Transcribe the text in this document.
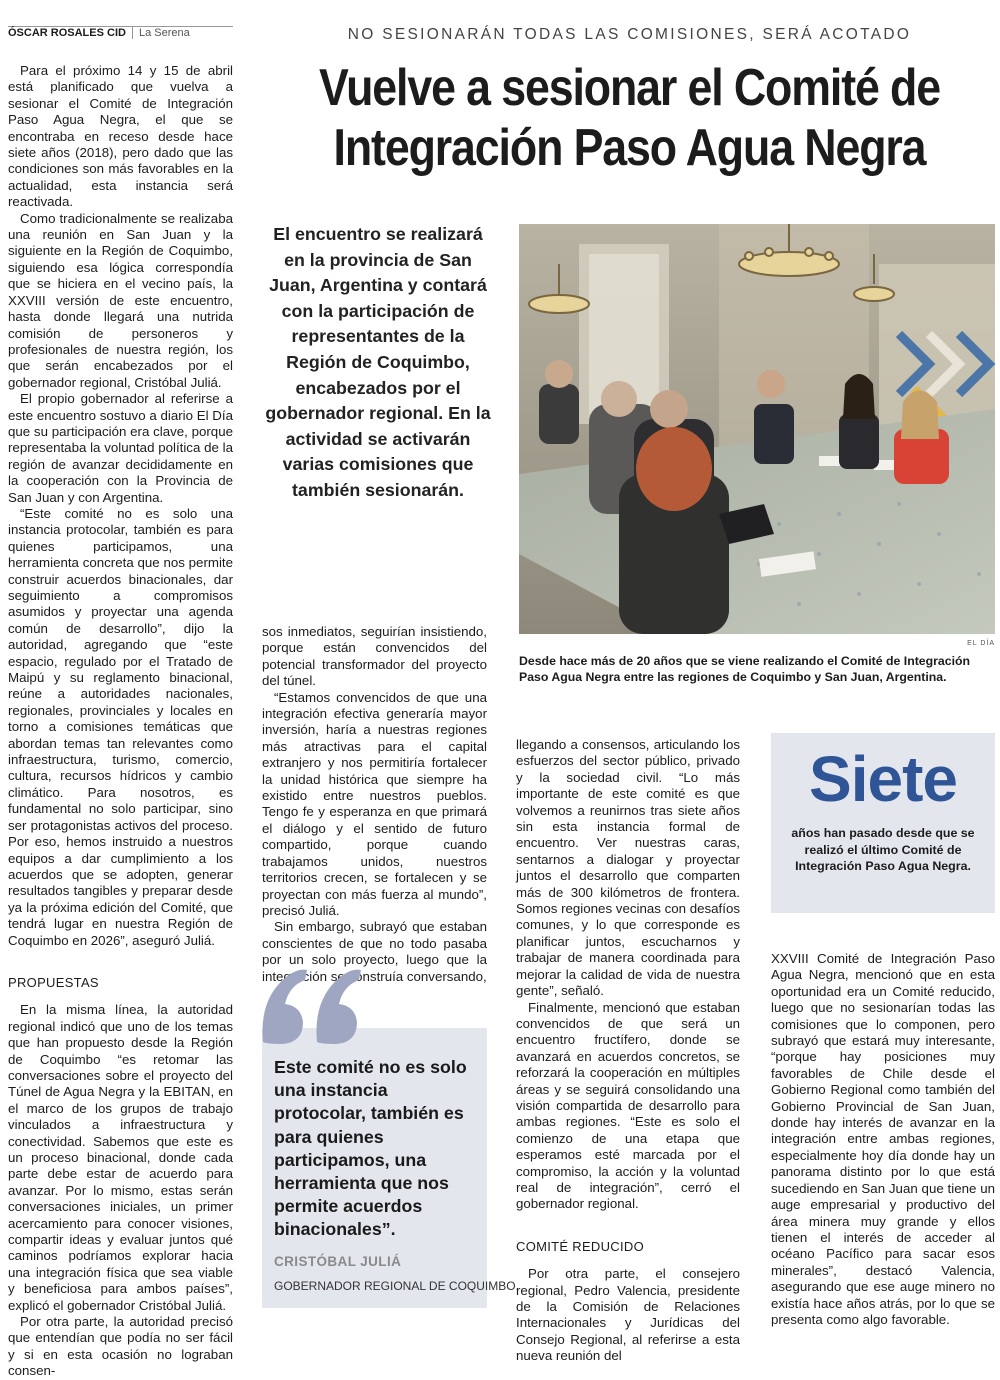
ÓSCAR ROSALES CID La Serena	NO SESIONARÁN TODAS LAS COMISIONES, SERÁ ACOTADO
Vuelve a sesionar el Comité de
Integración Paso Agua Negra

Para el próximo 14 y 15 de abril está planificado que vuelva a sesionar el Comité de Integración Paso Agua Negra, el que se encontraba en receso desde hace siete años (2018), pero dado que las condiciones son más favorables en la actualidad, esta instancia será reactivada.

Como tradicionalmente se realizaba una reunión en San Juan y la siguiente en la Región de Coquimbo, siguiendo esa lógica correspondía que se hiciera en el vecino país, la XXVIII versión de este encuentro, hasta donde llegará una nutrida comisión de personeros y profesionales de nuestra región, los que serán encabezados por el gobernador regional, Cristóbal Juliá.

El propio gobernador al referirse a este encuentro sostuvo a diario El Día que su participación era clave, porque representaba la voluntad política de la región de avanzar decididamente en la cooperación con la Provincia de San Juan y con Argentina.

“Este comité no es solo una instancia protocolar, también es para quienes participamos, una herramienta concreta que nos permite construir acuerdos binacionales, dar seguimiento a compromisos asumidos y proyectar una agenda común de desarrollo”, dijo la autoridad, agregando que “este espacio, regulado por el Tratado de Maipú y su reglamento binacional, reúne a autoridades nacionales, regionales, provinciales y locales en torno a comisiones temáticas que abordan temas tan relevantes como infraestructura, turismo, comercio, cultura, recursos hídricos y cambio climático. Para nosotros, es fundamental no solo participar, sino ser protagonistas activos del proceso. Por eso, hemos instruido a nuestros equipos a dar cumplimiento a los acuerdos que se adopten, generar resultados tangibles y preparar desde ya la próxima edición del Comité, que tendrá lugar en nuestra Región de Coquimbo en 2026”, aseguró Juliá.

PROPUESTAS

En la misma línea, la autoridad regional indicó que uno de los temas que han propuesto desde la Región de Coquimbo “es retomar las conversaciones sobre el proyecto del Túnel de Agua Negra y la EBITAN, en el marco de los grupos de trabajo vinculados a infraestructura y conectividad. Sabemos que este es un proceso binacional, donde cada parte debe estar de acuerdo para avanzar. Por lo mismo, estas serán conversaciones iniciales, un primer acercamiento para conocer visiones, compartir ideas y evaluar juntos qué caminos podríamos explorar hacia una integración física que sea viable y beneficiosa para ambos países”, explicó el gobernador Cristóbal Juliá.

Por otra parte, la autoridad precisó que entendían que podía no ser fácil y si en esta ocasión no lograban consen-

El encuentro se realizará en la provincia de San Juan, Argentina y contará con la participación de representantes de la Región de Coquimbo, encabezados por el gobernador regional. En la actividad se activarán varias comisiones que también sesionarán.
EL DÍA
Desde hace más de 20 años que se viene realizando el Comité de Integración Paso Agua Negra entre las regiones de Coquimbo y San Juan, Argentina.

sos inmediatos, seguirían insistiendo, porque están convencidos del potencial transformador del proyecto del túnel.

“Estamos convencidos de que una integración efectiva generaría mayor inversión, haría a nuestras regiones más atractivas para el capital extranjero y nos permitiría fortalecer la unidad histórica que siempre ha existido entre nuestros pueblos. Tengo fe y esperanza en que primará el diálogo y el sentido de futuro compartido, porque cuando trabajamos unidos, nuestros territorios crecen, se fortalecen y se proyectan con más fuerza al mundo”, precisó Juliá.

Sin embargo, subrayó que estaban conscientes de que no todo pasaba por un solo proyecto, luego que la integración se construía conversando,

Este comité no es solo una instancia protocolar, también es para quienes participamos, una herramienta que nos permite acuerdos binacionales”.
CRISTÓBAL JULIÁ
GOBERNADOR REGIONAL DE COQUIMBO.

llegando a consensos, articulando los esfuerzos del sector público, privado y la sociedad civil. “Lo más importante de este comité es que volvemos a reunirnos tras siete años sin esta instancia formal de encuentro. Ver nuestras caras, sentarnos a dialogar y proyectar juntos el desarrollo que comparten más de 300 kilómetros de frontera. Somos regiones vecinas con desafíos comunes, y lo que corresponde es planificar juntos, escucharnos y trabajar de manera coordinada para mejorar la calidad de vida de nuestra gente”, señaló.

Finalmente, mencionó que estaban convencidos de que será un encuentro fructífero, donde se avanzará en acuerdos concretos, se reforzará la cooperación en múltiples áreas y se seguirá consolidando una visión compartida de desarrollo para ambas regiones. “Este es solo el comienzo de una etapa que esperamos esté marcada por el compromiso, la acción y la voluntad real de integración”, cerró el gobernador regional.

COMITÉ REDUCIDO

Por otra parte, el consejero regional, Pedro Valencia, presidente de la Comisión de Relaciones Internacionales y Jurídicas del Consejo Regional, al referirse a esta nueva reunión del

Siete
años han pasado desde que se realizó el último Comité de Integración Paso Agua Negra.

XXVIII Comité de Integración Paso Agua Negra, mencionó que en esta oportunidad era un Comité reducido, luego que no sesionarían todas las comisiones que lo componen, pero subrayó que estará muy interesante, “porque hay posiciones muy favorables de Chile desde el Gobierno Regional como también del Gobierno Provincial de San Juan, donde hay interés de avanzar en la integración entre ambas regiones, especialmente hoy día donde hay un panorama distinto por lo que está sucediendo en San Juan que tiene un auge empresarial y productivo del área minera muy grande y ellos tienen el interés de acceder al océano Pacífico para sacar esos minerales”, destacó Valencia, asegurando que ese auge minero no existía hace años atrás, por lo que se presenta como algo favorable.
